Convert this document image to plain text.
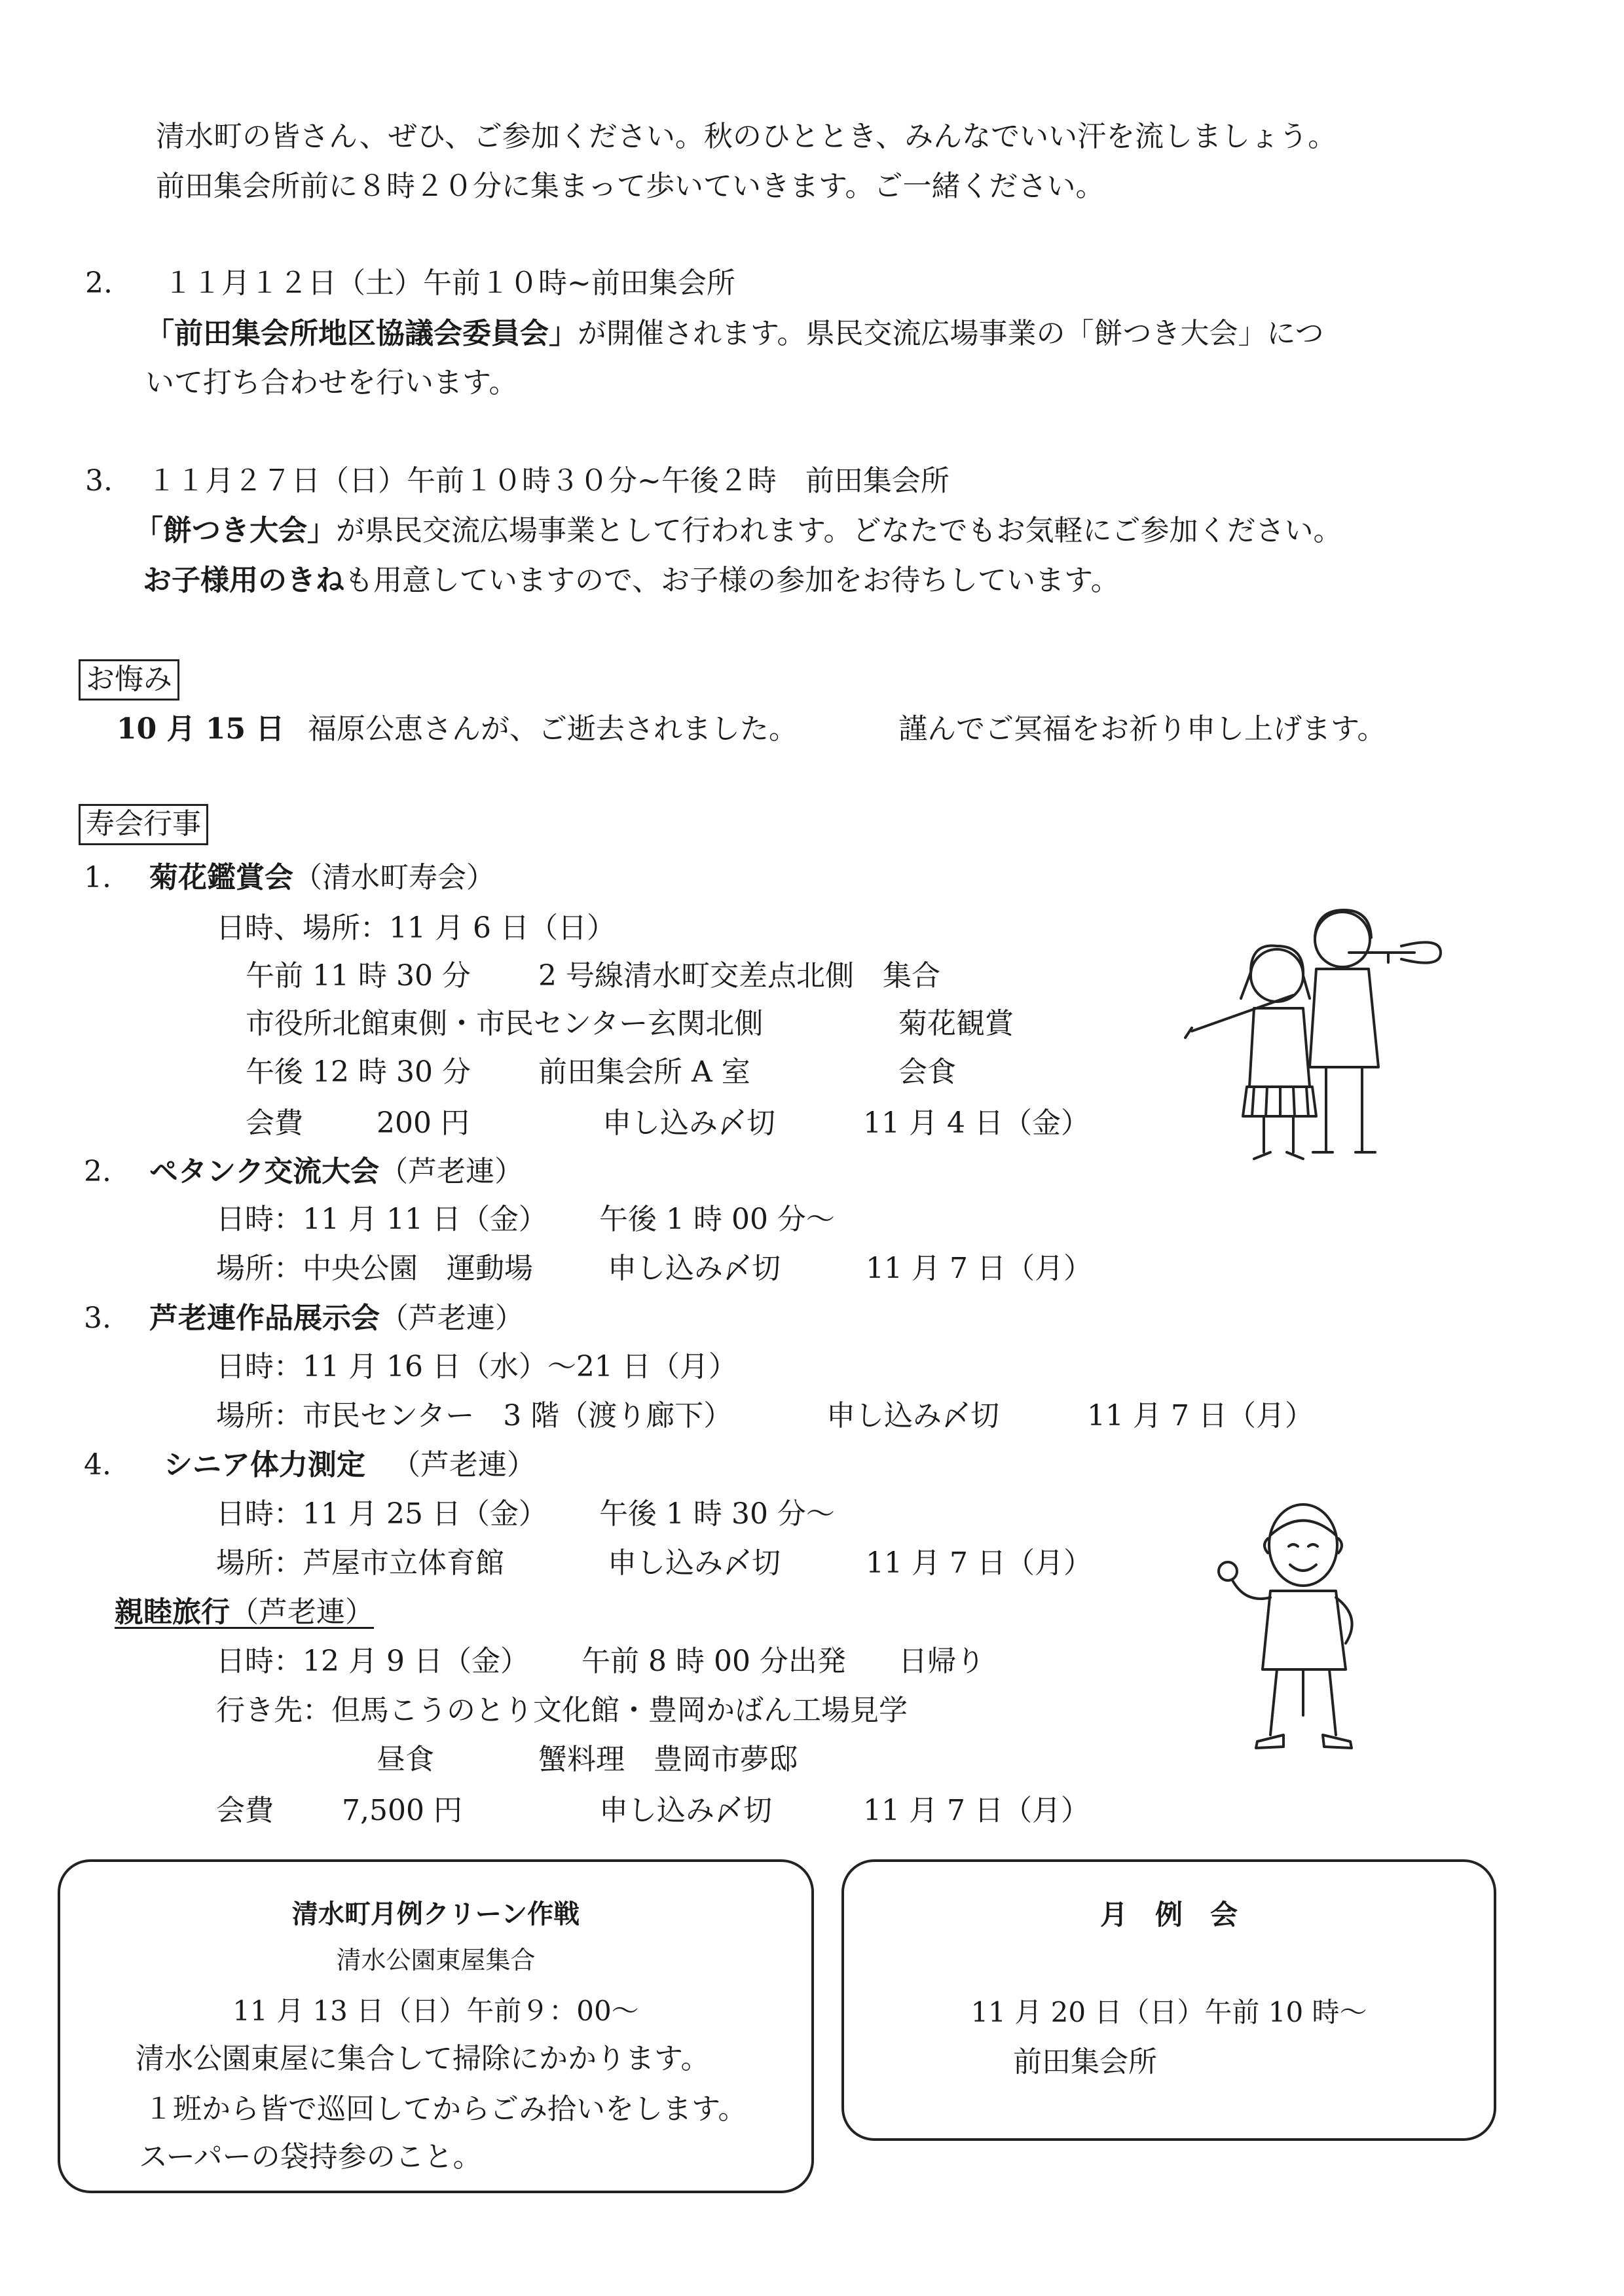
清水町の皆さん、ぜひ、ご参加ください。秋のひととき、みんなでいい汗を流しましょう。
前田集会所前に８時２０分に集まって歩いていきます。ご一緒ください。
2. １１月１２日（土）午前１０時~前田集会所
「前田集会所地区協議会委員会」が開催されます。県民交流広場事業の「餅つき大会」につ
いて打ち合わせを行います。
3. １１月２７日（日）午前１０時３０分~午後２時　前田集会所
「餅つき大会」が県民交流広場事業として行われます。どなたでもお気軽にご参加ください。
お子様用のきねも用意していますので、お子様の参加をお待ちしています。
お悔み
10 月 15 日 福原公恵さんが、ご逝去されました。	謹んでご冥福をお祈り申し上げます。
寿会行事
1. 菊花鑑賞会（清水町寿会）
日時、場所：11 月 6 日（日）
午前 11 時 30 分 2 号線清水町交差点北側　集合
市役所北館東側・市民センター玄関北側	菊花観賞
午後 12 時 30 分 前田集会所 A 室	会食
会費	200 円	申し込み〆切	11 月 4 日（金）
2. ペタンク交流大会（芦老連）
日時：11 月 11 日（金） 午後 1 時 00 分～
場所：中央公園　運動場	申し込み〆切	11 月 7 日（月）
3. 芦老連作品展示会（芦老連）
日時：11 月 16 日（水）～21 日（月）
場所：市民センター　3 階（渡り廊下）	申し込み〆切	11 月 7 日（月）
4. シニア体力測定 （芦老連）
日時：11 月 25 日（金） 午後 1 時 30 分～
場所：芦屋市立体育館	申し込み〆切	11 月 7 日（月）
親睦旅行（芦老連）
日時：12 月 9 日（金） 午前 8 時 00 分出発 日帰り
行き先：但馬こうのとり文化館・豊岡かばん工場見学
昼食	蟹料理　豊岡市夢邸
会費 7,500 円	申し込み〆切	11 月 7 日（月）
清水町月例クリーン作戦
清水公園東屋集合
11 月 13 日（日）午前９：00～
清水公園東屋に集合して掃除にかかります。
１班から皆で巡回してからごみ拾いをします。
スーパーの袋持参のこと。
月　例　会
11 月 20 日（日）午前 10 時～
前田集会所
